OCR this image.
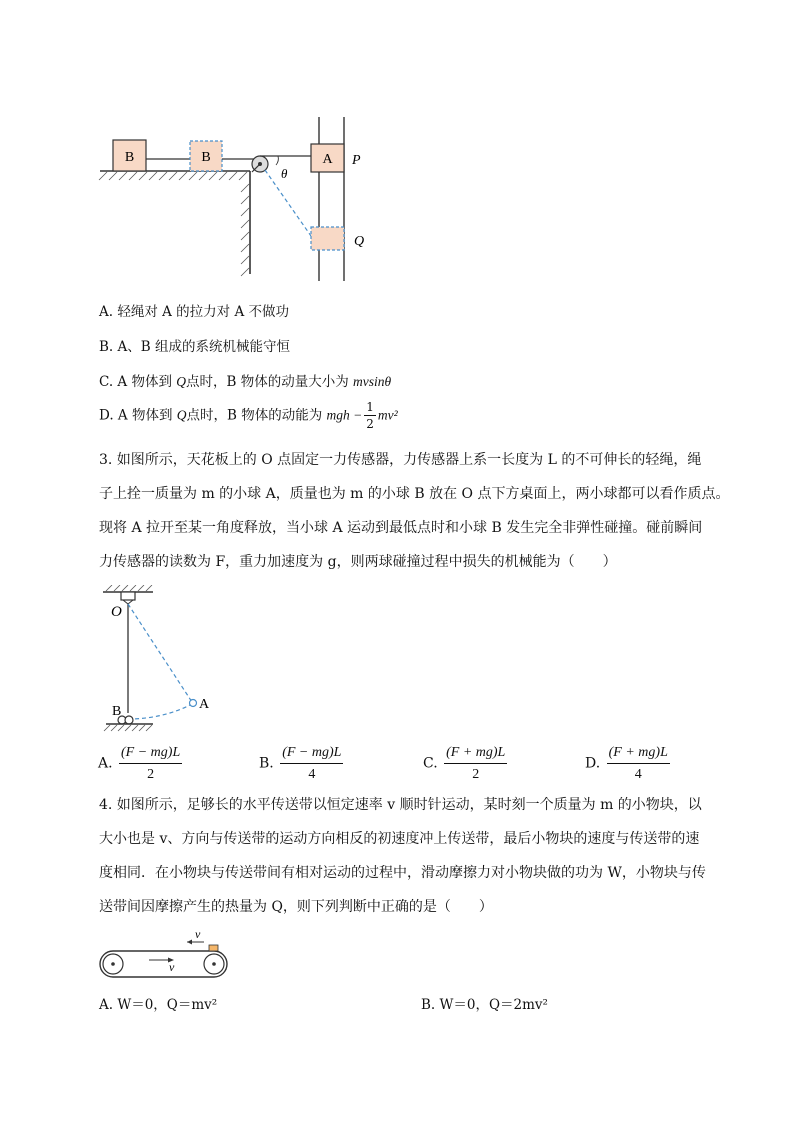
B	B
θ
A P
Q
A. 轻绳对 A 的拉力对 A 不做功
B. A、B 组成的系统机械能守恒
C. A 物体到 Q点时，B 物体的动量大小为 mvsinθ
D. A 物体到 Q点时，B 物体的动能为 mgh − $\frac{1}{2} mv^2$
3. 如图所示，天花板上的 O 点固定一力传感器，力传感器上系一长度为 L 的不可伸长的轻绳，绳
子上拴一质量为 m 的小球 A，质量也为 m 的小球 B 放在 O 点下方桌面上，两小球都可以看作质点。
现将 A 拉开至某一角度释放，当小球 A 运动到最低点时和小球 B 发生完全非弹性碰撞。碰前瞬间
力传感器的读数为 F，重力加速度为 g，则两球碰撞过程中损失的机械能为（　　）
O
A
B
A. $\frac{(F - mg)L}{2}$	B. $\frac{(F - mg)L}{4}$	C. $\frac{(F + mg)L}{2}$	D. $\frac{(F + mg)L}{4}$
4. 如图所示，足够长的水平传送带以恒定速率 v 顺时针运动，某时刻一个质量为 m 的小物块，以
大小也是 v、方向与传送带的运动方向相反的初速度冲上传送带，最后小物块的速度与传送带的速
度相同．在小物块与传送带间有相对运动的过程中，滑动摩擦力对小物块做的功为 W，小物块与传
送带间因摩擦产生的热量为 Q，则下列判断中正确的是（　　）
v
v
A. W＝0，Q＝mv²	B. W＝0，Q＝2mv²
